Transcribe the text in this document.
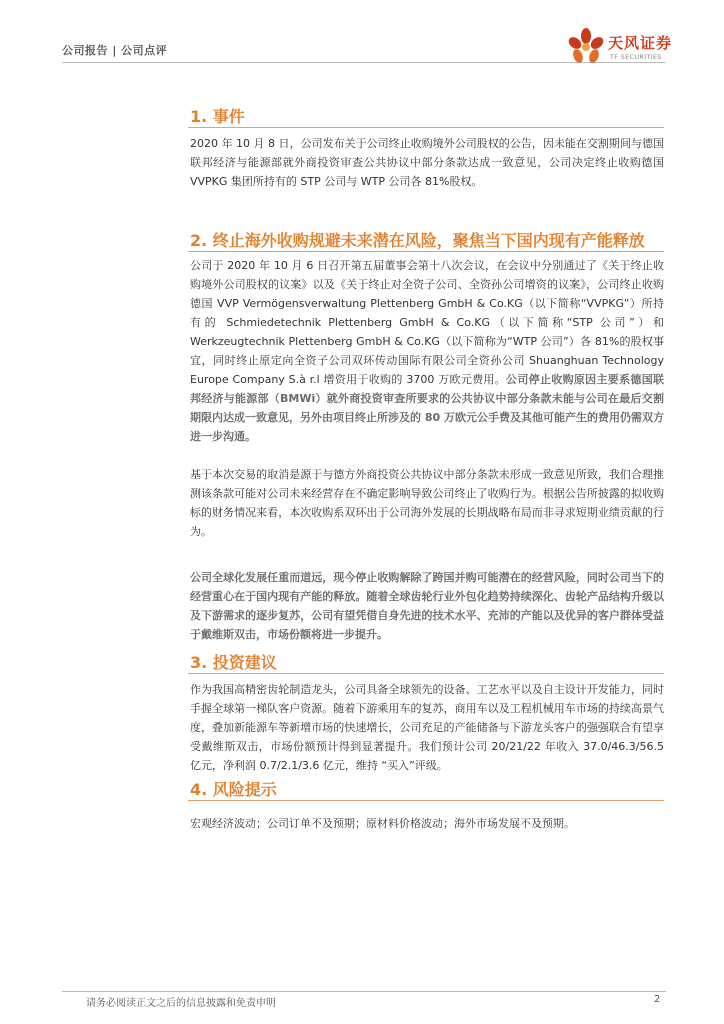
公司报告 | 公司点评	天风证券
TF SECURITIES
1. 事件
2020 年 10 月 8 日，公司发布关于公司终止收购境外公司股权的公告，因未能在交割期间与德国联邦经济与能源部就外商投资审查公共协议中部分条款达成一致意见，公司决定终止收购德国 VVPKG 集团所持有的 STP 公司与 WTP 公司各 81%股权。
2. 终止海外收购规避未来潜在风险，聚焦当下国内现有产能释放
公司于 2020 年 10 月 6 日召开第五届董事会第十八次会议，在会议中分别通过了《关于终止收购境外公司股权的议案》以及《关于终止对全资子公司、全资孙公司增资的议案》，公司终止收购德国 VVP Vermögensverwaltung Plettenberg GmbH & Co.KG（以下简称“VVPKG”）所持有的 Schmiedetechnik Plettenberg GmbH & Co.KG（以下简称“STP 公司”）和 Werkzeugtechnik Plettenberg GmbH & Co.KG（以下简称为“WTP 公司”）各 81%的股权事宜，同时终止原定向全资子公司双环传动国际有限公司全资孙公司 Shuanghuan Technology Europe Company S.à r.l 增资用于收购的 3700 万欧元费用。公司停止收购原因主要系德国联邦经济与能源部（BMWi）就外商投资审查所要求的公共协议中部分条款未能与公司在最后交割期限内达成一致意见，另外由项目终止所涉及的 80 万欧元公手费及其他可能产生的费用仍需双方进一步沟通。
基于本次交易的取消是源于与德方外商投资公共协议中部分条款未形成一致意见所致，我们合理推测该条款可能对公司未来经营存在不确定影响导致公司终止了收购行为。根据公告所披露的拟收购标的财务情况来看，本次收购系双环出于公司海外发展的长期战略布局而非寻求短期业绩贡献的行为。
公司全球化发展任重而道远，现今停止收购解除了跨国并购可能潜在的经营风险，同时公司当下的经营重心在于国内现有产能的释放。随着全球齿轮行业外包化趋势持续深化、齿轮产品结构升级以及下游需求的逐步复苏，公司有望凭借自身先进的技术水平、充沛的产能以及优异的客户群体受益于戴维斯双击，市场份额将进一步提升。
3. 投资建议
作为我国高精密齿轮制造龙头，公司具备全球领先的设备、工艺水平以及自主设计开发能力，同时手握全球第一梯队客户资源。随着下游乘用车的复苏，商用车以及工程机械用车市场的持续高景气度，叠加新能源车等新增市场的快速增长，公司充足的产能储备与下游龙头客户的强强联合有望享受戴维斯双击，市场份额预计得到显著提升。我们预计公司 20/21/22 年收入 37.0/46.3/56.5 亿元，净利润 0.7/2.1/3.6 亿元，维持 “买入”评级。
4. 风险提示
宏观经济波动；公司订单不及预期；原材料价格波动；海外市场发展不及预期。
请务必阅读正文之后的信息披露和免责申明	2
